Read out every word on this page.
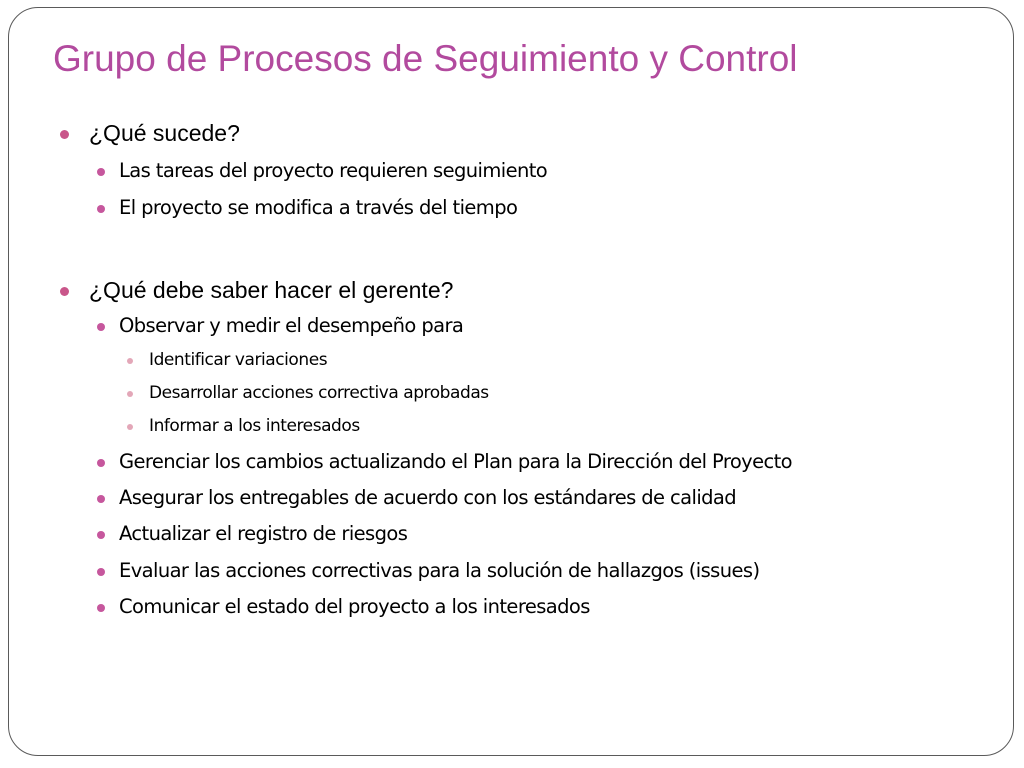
Grupo de Procesos de Seguimiento y Control
¿Qué sucede?
Las tareas del proyecto requieren seguimiento
El proyecto se modifica a través del tiempo
¿Qué debe saber hacer el gerente?
Observar y medir el desempeño para
Identificar variaciones
Desarrollar acciones correctiva aprobadas
Informar a los interesados
Gerenciar los cambios actualizando el Plan para la Dirección del Proyecto
Asegurar los entregables de acuerdo con los estándares de calidad
Actualizar el registro de riesgos
Evaluar las acciones correctivas para la solución de hallazgos (issues)
Comunicar el estado del proyecto a los interesados
